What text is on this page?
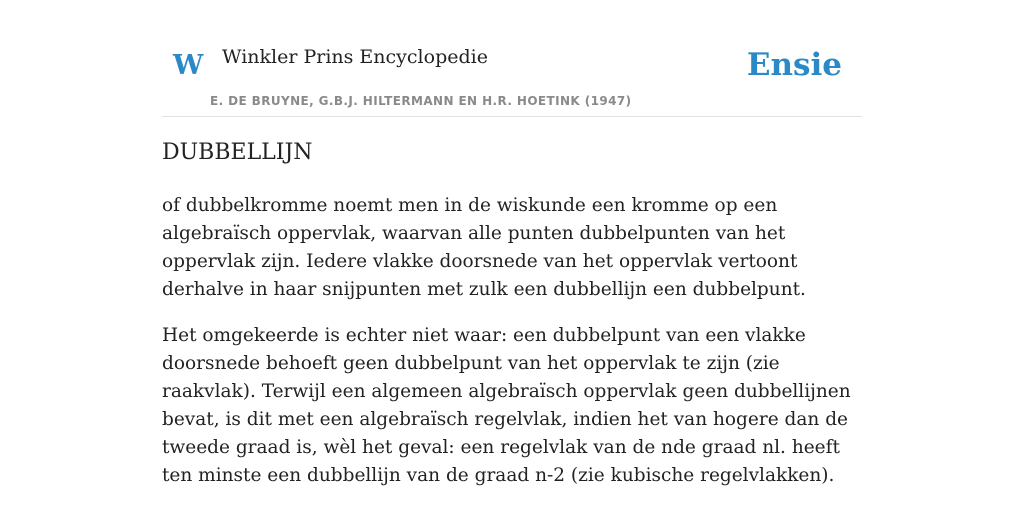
W Winkler Prins Encyclopedie
E. DE BRUYNE, G.B.J. HILTERMANN EN H.R. HOETINK (1947)
Ensie
DUBBELLIJN

of dubbelkromme noemt men in de wiskunde een kromme op een algebraïsch oppervlak, waarvan alle punten dubbelpunten van het oppervlak zijn. Iedere vlakke doorsnede van het oppervlak vertoont derhalve in haar snijpunten met zulk een dubbellijn een dubbelpunt.

Het omgekeerde is echter niet waar: een dubbelpunt van een vlakke doorsnede behoeft geen dubbelpunt van het oppervlak te zijn (zie raakvlak). Terwijl een algemeen algebraïsch oppervlak geen dubbellijnen bevat, is dit met een algebraïsch regelvlak, indien het van hogere dan de tweede graad is, wèl het geval: een regelvlak van de nde graad nl. heeft ten minste een dubbellijn van de graad n-2 (zie kubische regelvlakken).
